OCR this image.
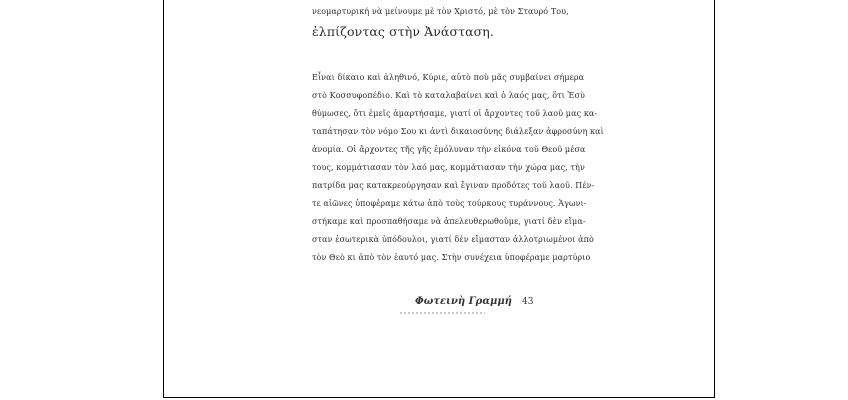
νεομαρτυρική νὰ μείνουμε μὲ τὸν Χριστό, μὲ τὸν Σταυρό Του,
ἐλπίζοντας στὴν Ἀνάσταση.
Εἶναι δίκαιο καὶ ἀληθινό, Κύριε, αὐτὸ ποὺ μᾶς συμβαίνει σήμερα
στὸ Κοσσυφοπέδιο. Καὶ τὸ καταλαβαίνει καὶ ὁ λαός μας, ὅτι Ἐσὺ
θύμωσες, ὅτι ἐμεῖς ἁμαρτήσαμε, γιατί οἱ ἄρχοντες τοῦ λαοῦ μας κα-
ταπάτησαν τὸν νόμο Σου κι ἀντὶ δικαιοσύνης διάλεξαν ἀφροσύνη καὶ
ἀνομία. Οἱ ἄρχοντες τῆς γῆς ἐμόλυναν τὴν εἰκόνα τοῦ Θεοῦ μέσα
τους, κομμάτιασαν τὸν λαό μας, κομμάτιασαν τὴν χώρα μας, τὴν
πατρίδα μας κατακρεούργησαν καὶ ἔγιναν προδότες τοῦ λαοῦ. Πέν-
τε αἰῶνες ὑποφέραμε κάτω ἀπὸ τοὺς τούρκους τυράννους. Ἀγωνι-
στήκαμε καὶ προσπαθήσαμε νὰ ἀπελευθερωθοῦμε, γιατί δὲν εἴμα-
σταν ἐσωτερικὰ ὑπόδουλοι, γιατί δὲν εἴμασταν ἀλλοτριωμένοι ἀπὸ
τὸν Θεὸ κι ἀπὸ τὸν ἑαυτό μας. Στὴν συνέχεια ὑποφέραμε μαρτύριο
Φωτεινὴ Γραμμή 43
